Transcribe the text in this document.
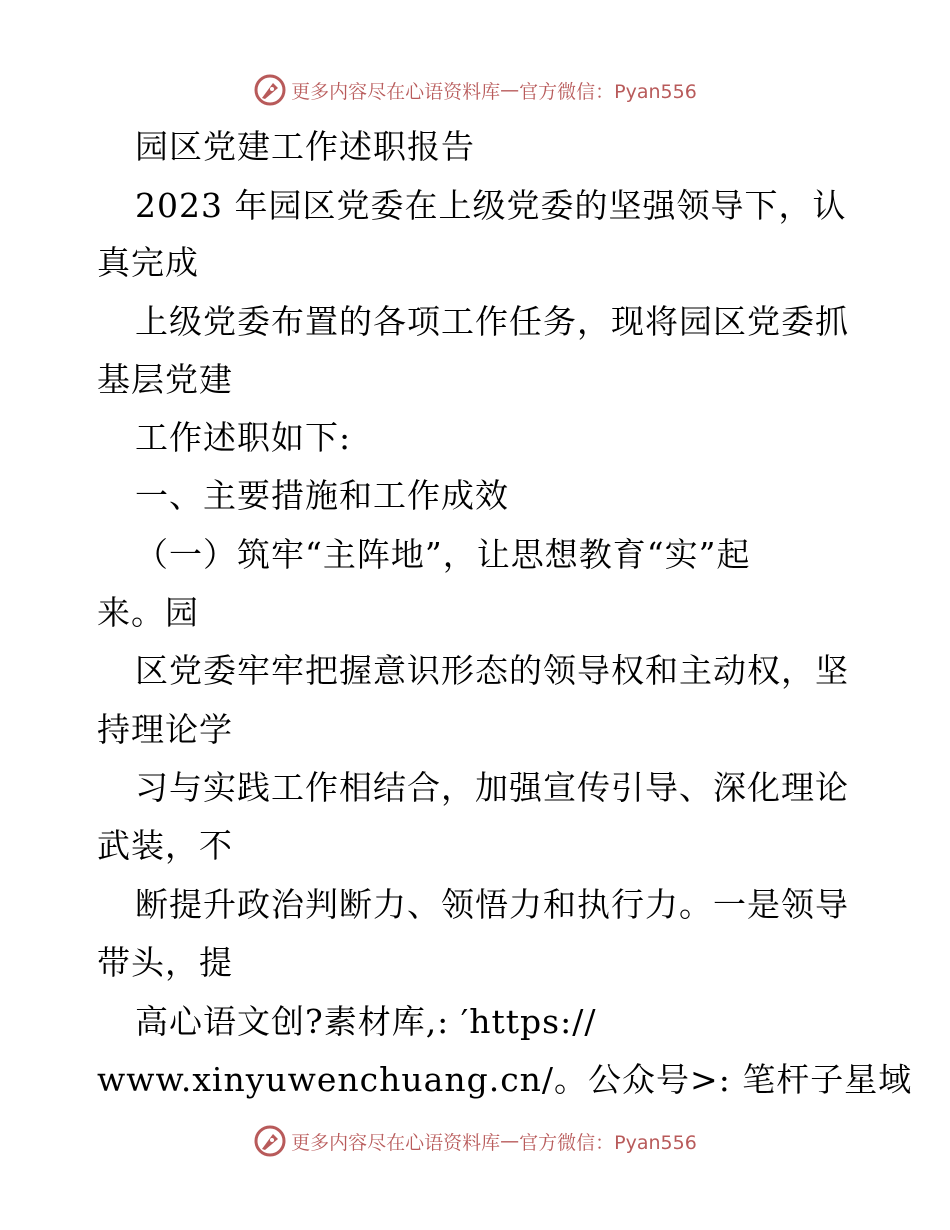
更多内容尽在心语资料库 — 官方微信：Pyan556
园区党建工作述职报告
2023 年园区党委在上级党委的坚强领导下，认
真完成
上级党委布置的各项工作任务，现将园区党委抓
基层党建
工作述职如下:
一、主要措施和工作成效
（一）筑牢“主阵地”，让思想教育“实”起
来。园
区党委牢牢把握意识形态的领导权和主动权，坚
持理论学
习与实践工作相结合，加强宣传引导、深化理论
武装，不
断提升政治判断力、领悟力和执行力。一是领导
带头，提
高心语文创?素材库,: ′https://
www.xinyuwenchuang.cn/。公众号>: 笔杆子星域
更多内容尽在心语资料库 — 官方微信：Pyan556
